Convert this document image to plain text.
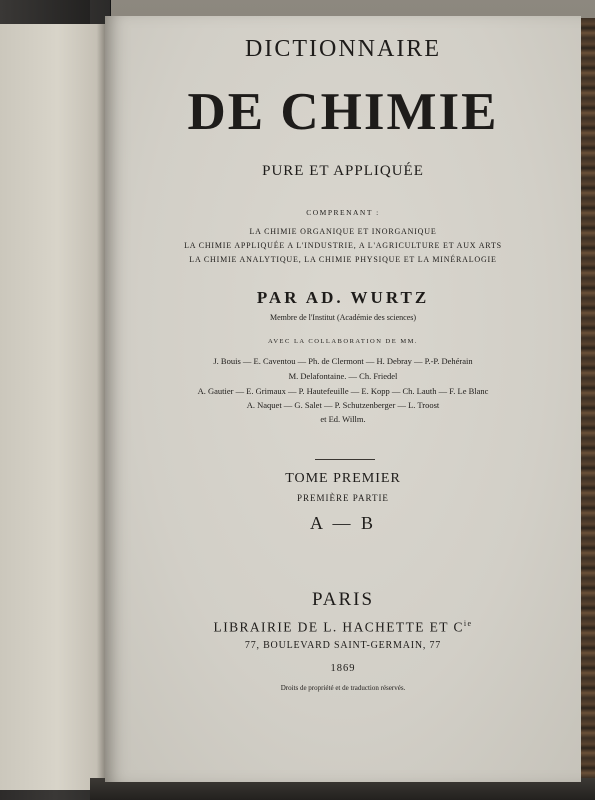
DICTIONNAIRE
DE CHIMIE
PURE ET APPLIQUÉE
COMPRENANT :
LA CHIMIE ORGANIQUE ET INORGANIQUE
LA CHIMIE APPLIQUÉE A L'INDUSTRIE, A L'AGRICULTURE ET AUX ARTS
LA CHIMIE ANALYTIQUE, LA CHIMIE PHYSIQUE ET LA MINÉRALOGIE
PAR AD. WURTZ
Membre de l'Institut (Académie des sciences)
AVEC LA COLLABORATION DE MM.
J. Bouis — E. Caventou — Ph. de Clermont — H. Debray — P.-P. Dehérain
M. Delafontaine. — Ch. Friedel
A. Gautier — E. Grimaux — P. Hautefeuille — E. Kopp — Ch. Lauth — F. Le Blanc
A. Naquet — G. Salet — P. Schutzenberger — L. Troost
et Ed. Willm.
TOME PREMIER
PREMIÈRE PARTIE
A — B
PARIS
LIBRAIRIE DE L. HACHETTE ET $C^{ie}$
77, BOULEVARD SAINT-GERMAIN, 77
1869
Droits de propriété et de traduction réservés.
